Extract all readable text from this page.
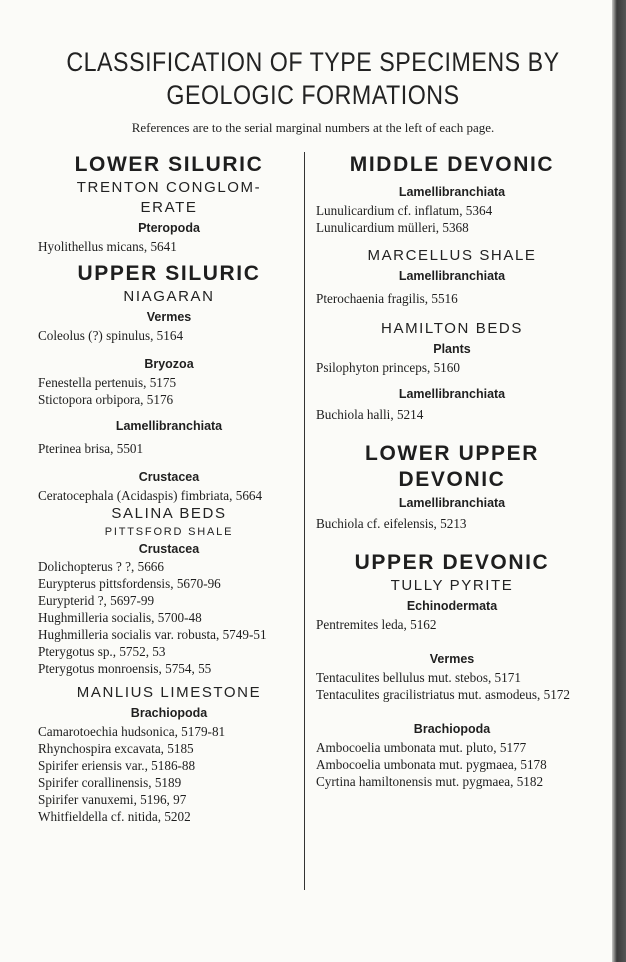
CLASSIFICATION OF TYPE SPECIMENS BY
GEOLOGIC FORMATIONS
References are to the serial marginal numbers at the left of each page.
LOWER SILURIC
TRENTON CONGLOM-
ERATE
Pteropoda
Hyolithellus micans, 5641
UPPER SILURIC
NIAGARAN
Vermes
Coleolus (?) spinulus, 5164
Bryozoa
Fenestella pertenuis, 5175
Stictopora orbipora, 5176
Lamellibranchiata
Pterinea brisa, 5501
Crustacea
Ceratocephala (Acidaspis) fimbriata, 5664
SALINA BEDS
PITTSFORD SHALE
Crustacea
Dolichopterus ? ?, 5666
Eurypterus pittsfordensis, 5670-96
Eurypterid ?, 5697-99
Hughmilleria socialis, 5700-48
Hughmilleria socialis var. robusta, 5749-51
Pterygotus sp., 5752, 53
Pterygotus monroensis, 5754, 55
MANLIUS LIMESTONE
Brachiopoda
Camarotoechia hudsonica, 5179-81
Rhynchospira excavata, 5185
Spirifer eriensis var., 5186-88
Spirifer corallinensis, 5189
Spirifer vanuxemi, 5196, 97
Whitfieldella cf. nitida, 5202
MIDDLE DEVONIC
Lamellibranchiata
Lunulicardium cf. inflatum, 5364
Lunulicardium mülleri, 5368
MARCELLUS SHALE
Lamellibranchiata
Pterochaenia fragilis, 5516
HAMILTON BEDS
Plants
Psilophyton princeps, 5160
Lamellibranchiata
Buchiola halli, 5214
LOWER UPPER
DEVONIC
Lamellibranchiata
Buchiola cf. eifelensis, 5213
UPPER DEVONIC
TULLY PYRITE
Echinodermata
Pentremites leda, 5162
Vermes
Tentaculites bellulus mut. stebos, 5171
Tentaculites gracilistriatus mut. asmodeus, 5172
Brachiopoda
Ambocoelia umbonata mut. pluto, 5177
Ambocoelia umbonata mut. pygmaea, 5178
Cyrtina hamiltonensis mut. pygmaea, 5182
